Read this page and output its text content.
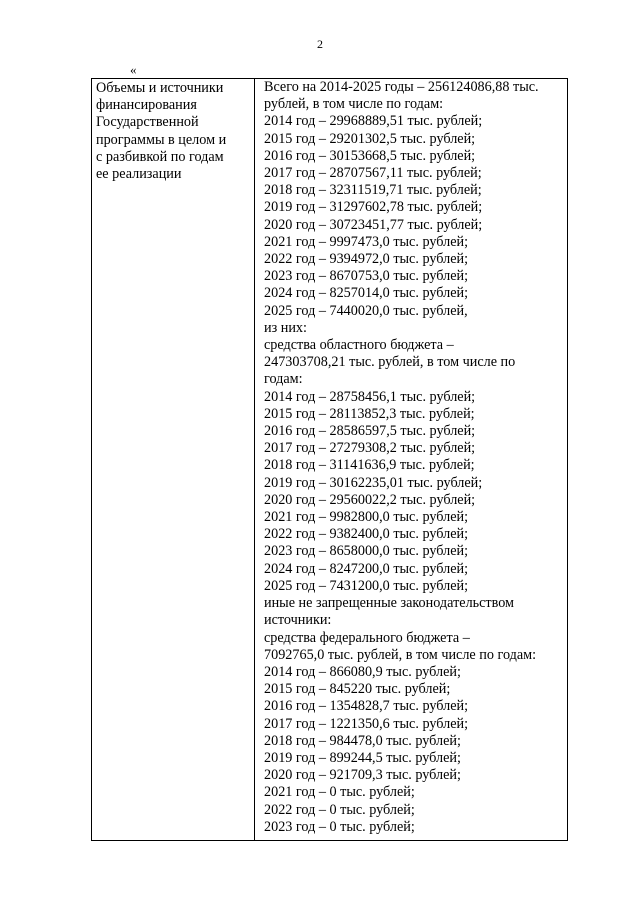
2
«
Объемы и источники
финансирования
Государственной
программы в целом и
с разбивкой по годам
ее реализации
Всего на 2014-2025 годы – 256124086,88 тыс.
рублей, в том числе по годам:
2014 год – 29968889,51 тыс. рублей;
2015 год – 29201302,5 тыс. рублей;
2016 год – 30153668,5 тыс. рублей;
2017 год – 28707567,11 тыс. рублей;
2018 год – 32311519,71 тыс. рублей;
2019 год – 31297602,78 тыс. рублей;
2020 год – 30723451,77 тыс. рублей;
2021 год – 9997473,0 тыс. рублей;
2022 год – 9394972,0 тыс. рублей;
2023 год – 8670753,0 тыс. рублей;
2024 год – 8257014,0 тыс. рублей;
2025 год – 7440020,0 тыс. рублей,
из них:
средства областного бюджета –
247303708,21 тыс. рублей, в том числе по
годам:
2014 год – 28758456,1 тыс. рублей;
2015 год – 28113852,3 тыс. рублей;
2016 год – 28586597,5 тыс. рублей;
2017 год – 27279308,2 тыс. рублей;
2018 год – 31141636,9 тыс. рублей;
2019 год – 30162235,01 тыс. рублей;
2020 год – 29560022,2 тыс. рублей;
2021 год – 9982800,0 тыс. рублей;
2022 год – 9382400,0 тыс. рублей;
2023 год – 8658000,0 тыс. рублей;
2024 год – 8247200,0 тыс. рублей;
2025 год – 7431200,0 тыс. рублей;
иные не запрещенные законодательством
источники:
средства федерального бюджета –
7092765,0 тыс. рублей, в том числе по годам:
2014 год – 866080,9 тыс. рублей;
2015 год – 845220 тыс. рублей;
2016 год – 1354828,7 тыс. рублей;
2017 год – 1221350,6 тыс. рублей;
2018 год – 984478,0 тыс. рублей;
2019 год – 899244,5 тыс. рублей;
2020 год – 921709,3 тыс. рублей;
2021 год – 0 тыс. рублей;
2022 год – 0 тыс. рублей;
2023 год – 0 тыс. рублей;
